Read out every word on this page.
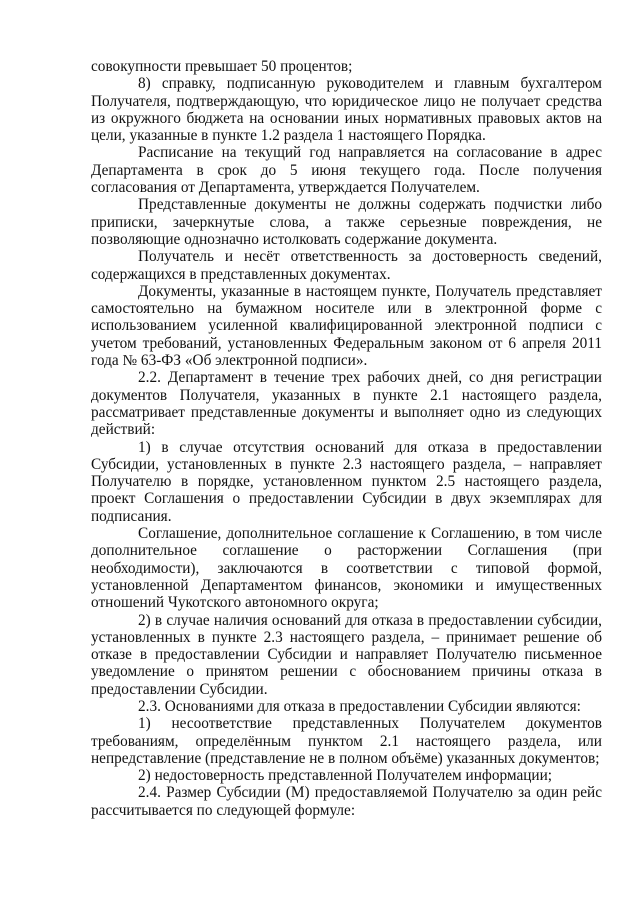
совокупности превышает 50 процентов;

8) справку, подписанную руководителем и главным бухгалтером Получателя, подтверждающую, что юридическое лицо не получает средства из окружного бюджета на основании иных нормативных правовых актов на цели, указанные в пункте 1.2 раздела 1 настоящего Порядка.

Расписание на текущий год направляется на согласование в адрес Департамента в срок до 5 июня текущего года. После получения согласования от Департамента, утверждается Получателем.

Представленные документы не должны содержать подчистки либо приписки, зачеркнутые слова, а также серьезные повреждения, не позволяющие однозначно истолковать содержание документа.

Получатель и несёт ответственность за достоверность сведений, содержащихся в представленных документах.

Документы, указанные в настоящем пункте, Получатель представляет самостоятельно на бумажном носителе или в электронной форме с использованием усиленной квалифицированной электронной подписи с учетом требований, установленных Федеральным законом от 6 апреля 2011 года № 63-ФЗ «Об электронной подписи».

2.2. Департамент в течение трех рабочих дней, со дня регистрации документов Получателя, указанных в пункте 2.1 настоящего раздела, рассматривает представленные документы и выполняет одно из следующих действий:

1) в случае отсутствия оснований для отказа в предоставлении Субсидии, установленных в пункте 2.3 настоящего раздела, – направляет Получателю в порядке, установленном пунктом 2.5 настоящего раздела, проект Соглашения о предоставлении Субсидии в двух экземплярах для подписания.

Соглашение, дополнительное соглашение к Соглашению, в том числе дополнительное соглашение о расторжении Соглашения (при необходимости), заключаются в соответствии с типовой формой, установленной Департаментом финансов, экономики и имущественных отношений Чукотского автономного округа;

2) в случае наличия оснований для отказа в предоставлении субсидии, установленных в пункте 2.3 настоящего раздела, – принимает решение об отказе в предоставлении Субсидии и направляет Получателю письменное уведомление о принятом решении с обоснованием причины отказа в предоставлении Субсидии.

2.3. Основаниями для отказа в предоставлении Субсидии являются:

1) несоответствие представленных Получателем документов требованиям, определённым пунктом 2.1 настоящего раздела, или непредставление (представление не в полном объёме) указанных документов;

2) недостоверность представленной Получателем информации;

2.4. Размер Субсидии (M) предоставляемой Получателю за один рейс рассчитывается по следующей формуле:
